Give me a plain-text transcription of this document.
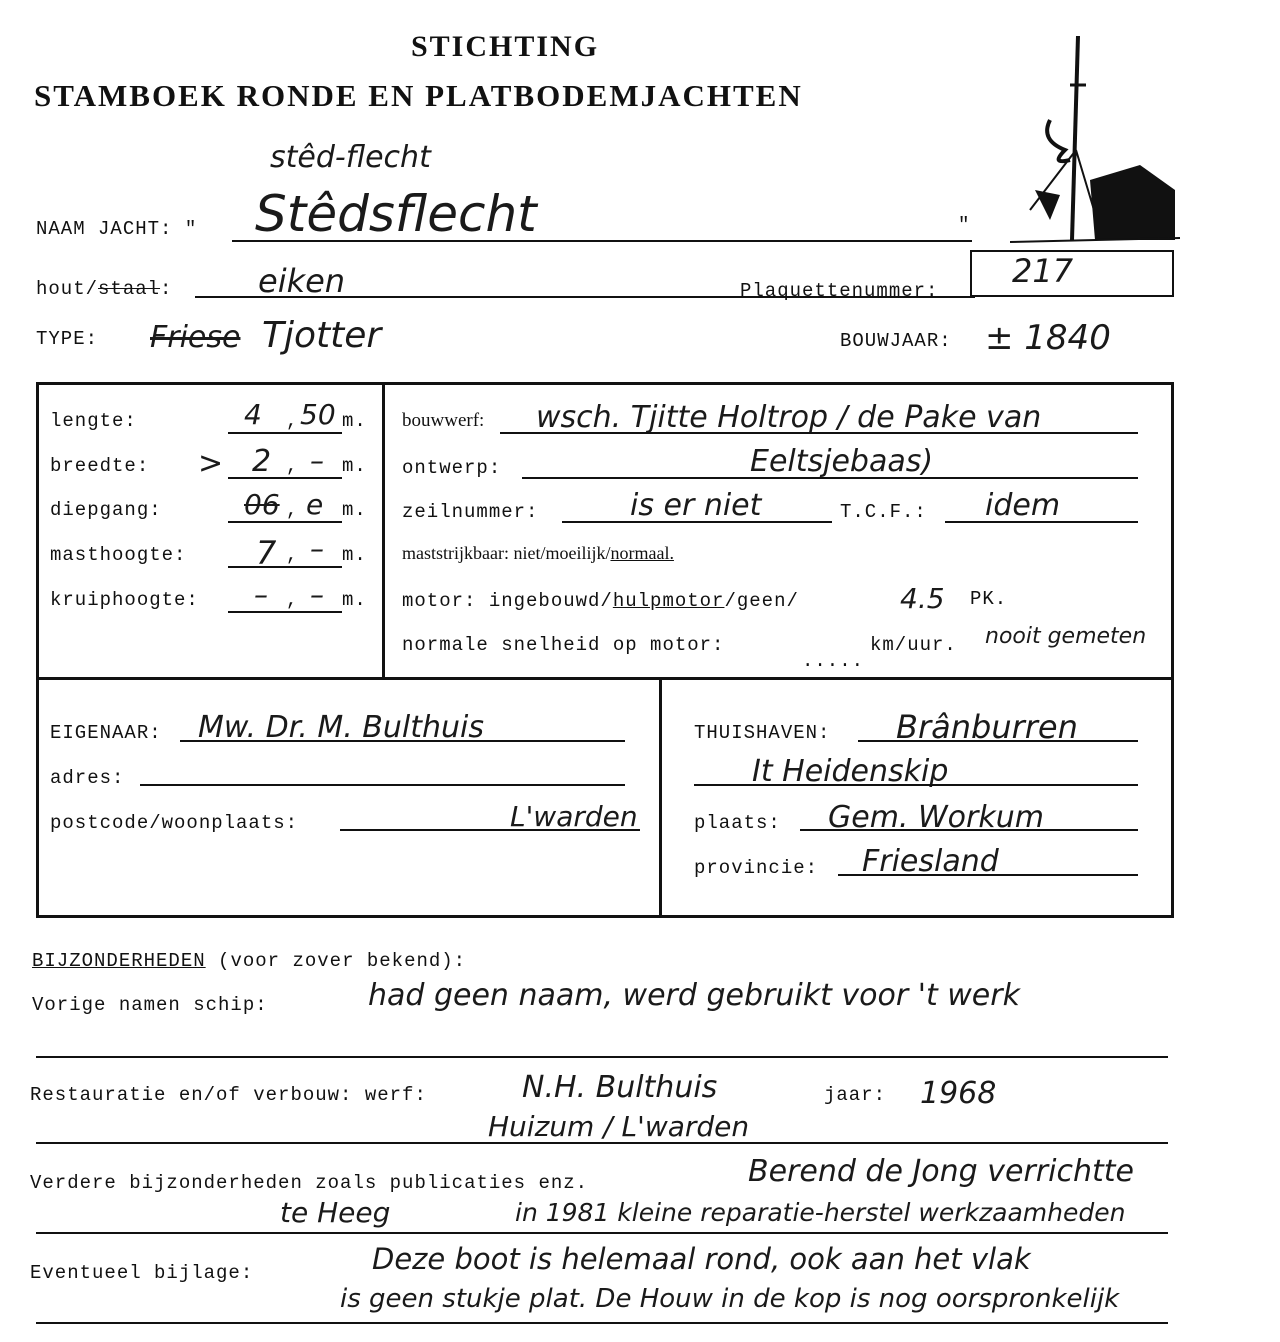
STICHTING
STAMBOEK RONDE EN PLATBODEMJACHTEN
stêd-flecht
NAAM JACHT: " Stêdsflecht	"
hout/staal:	eiken	Plaquettenummer:
217
TYPE: Friese Tjotter	BOUWJAAR: ± 1840
lengte:	4 , 50 m.
breedte: > 2 , – m.
diepgang:	06 , e m.
masthoogte: 7 , – m.
kruiphoogte: – , – m.
bouwwerf: wsch. Tjitte Holtrop / de Pake van
ontwerp:	Eeltsjebaas)
zeilnummer:	is er niet	T.C.F.: idem
maststrijkbaar: niet/moeilijk/normaal.
motor: ingebouwd/hulpmotor/geen/	4.5 PK.
normale snelheid op motor:
.....
km/uur. nooit gemeten
EIGENAAR: Mw. Dr. M. Bulthuis
adres:
postcode/woonplaats:	L'warden
THUISHAVEN: Brânburren
It Heidenskip
plaats: Gem. Workum
provincie: Friesland
BIJZONDERHEDEN (voor zover bekend):
Vorige namen schip:	had geen naam, werd gebruikt voor 't werk
Restauratie en/of verbouw: werf:	N.H. Bulthuis	jaar: 1968
Huizum / L'warden
Verdere bijzonderheden zoals publicaties enz.	Berend de Jong verrichtte
te Heeg	in 1981 kleine reparatie-herstel werkzaamheden
Eventueel bijlage:	Deze boot is helemaal rond, ook aan het vlak
is geen stukje plat. De Houw in de kop is nog oorspronkelijk
